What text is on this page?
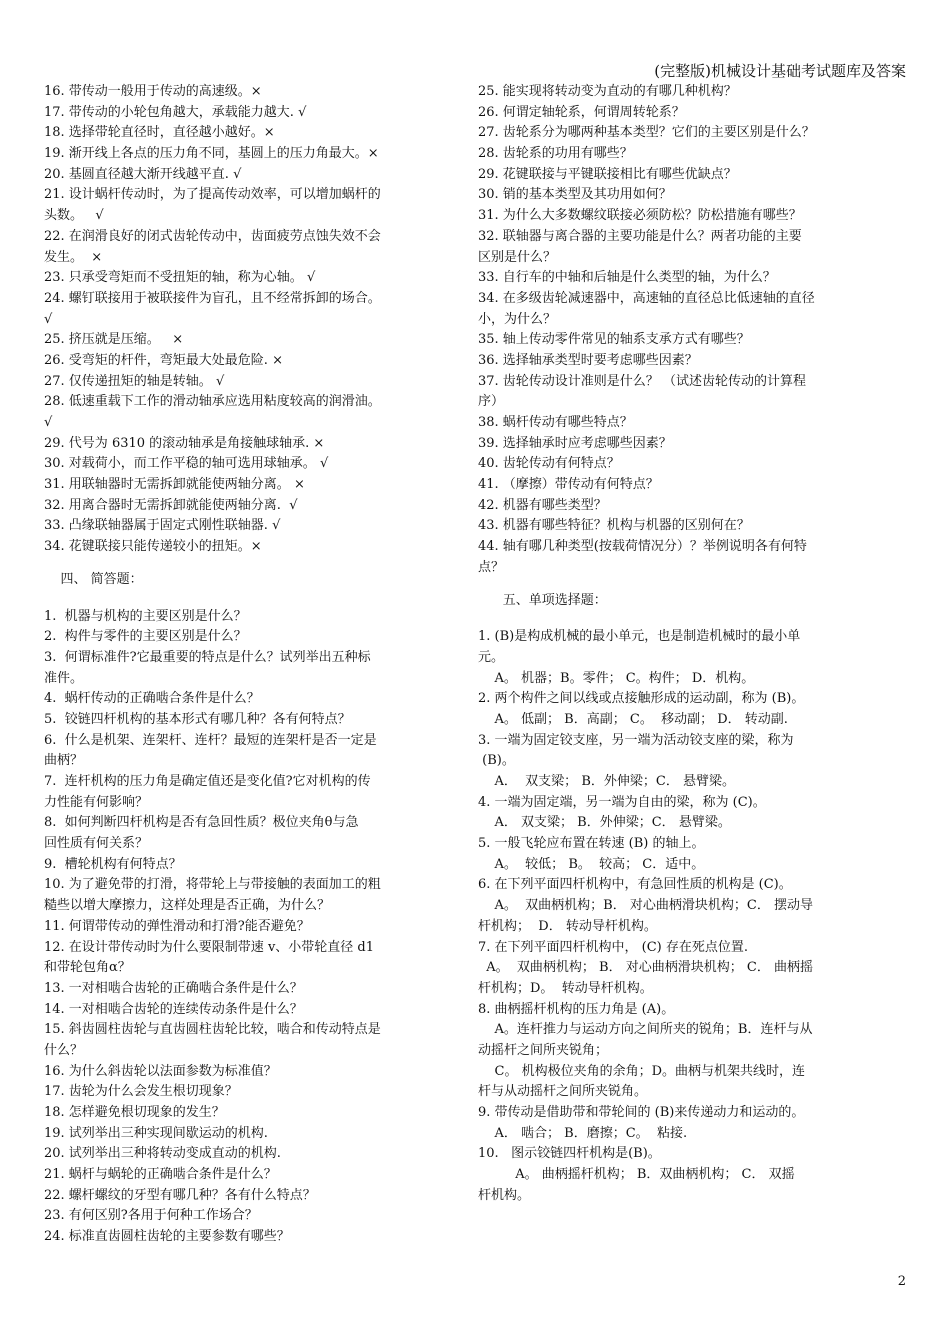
(完整版)机械设计基础考试题库及答案
16. 带传动一般用于传动的高速级。×
17. 带传动的小轮包角越大，承载能力越大. √
18. 选择带轮直径时，直径越小越好。×
19. 渐开线上各点的压力角不同，基圆上的压力角最大。×
20. 基圆直径越大渐开线越平直. √
21. 设计蜗杆传动时，为了提高传动效率，可以增加蜗杆的
头数。   √
22. 在润滑良好的闭式齿轮传动中，齿面疲劳点蚀失效不会
发生。  ×
23. 只承受弯矩而不受扭矩的轴，称为心轴。 √
24. 螺钉联接用于被联接件为盲孔，且不经常拆卸的场合。
√
25. 挤压就是压缩。   ×
26. 受弯矩的杆件，弯矩最大处最危险. ×
27. 仅传递扭矩的轴是转轴。 √
28. 低速重载下工作的滑动轴承应选用粘度较高的润滑油。
√
29. 代号为 6310 的滚动轴承是角接触球轴承. ×
30. 对载荷小，而工作平稳的轴可选用球轴承。 √
31. 用联轴器时无需拆卸就能使两轴分离。 ×
32. 用离合器时无需拆卸就能使两轴分离.  √
33. 凸缘联轴器属于固定式刚性联轴器. √
34. 花键联接只能传递较小的扭矩。×
四、 简答题：
1.  机器与机构的主要区别是什么？
2.  构件与零件的主要区别是什么？
3.  何谓标准件?它最重要的特点是什么？试列举出五种标
准件。
4.  蜗杆传动的正确啮合条件是什么？
5.  铰链四杆机构的基本形式有哪几种？各有何特点？
6.  什么是机架、连架杆、连杆？最短的连架杆是否一定是
曲柄？
7.  连杆机构的压力角是确定值还是变化值?它对机构的传
力性能有何影响？
8.  如何判断四杆机构是否有急回性质？极位夹角θ与急
回性质有何关系？
9.  槽轮机构有何特点？
10. 为了避免带的打滑，将带轮上与带接触的表面加工的粗
糙些以增大摩擦力，这样处理是否正确，为什么？
11. 何谓带传动的弹性滑动和打滑?能否避免？
12. 在设计带传动时为什么要限制带速 v、小带轮直径 d1
和带轮包角α？
13. 一对相啮合齿轮的正确啮合条件是什么？
14. 一对相啮合齿轮的连续传动条件是什么？
15. 斜齿圆柱齿轮与直齿圆柱齿轮比较，啮合和传动特点是
什么？
16. 为什么斜齿轮以法面参数为标准值？
17. 齿轮为什么会发生根切现象？
18. 怎样避免根切现象的发生？
19. 试列举出三种实现间歇运动的机构.
20. 试列举出三种将转动变成直动的机构.
21. 蜗杆与蜗轮的正确啮合条件是什么？
22. 螺杆螺纹的牙型有哪几种？各有什么特点？
23. 有何区别?各用于何种工作场合？
24. 标准直齿圆柱齿轮的主要参数有哪些？
25. 能实现将转动变为直动的有哪几种机构？
26. 何谓定轴轮系，何谓周转轮系？
27. 齿轮系分为哪两种基本类型？它们的主要区别是什么？
28. 齿轮系的功用有哪些？
29. 花键联接与平键联接相比有哪些优缺点？
30. 销的基本类型及其功用如何？
31. 为什么大多数螺纹联接必须防松？防松措施有哪些？
32. 联轴器与离合器的主要功能是什么？两者功能的主要
区别是什么？
33. 自行车的中轴和后轴是什么类型的轴，为什么？
34. 在多级齿轮减速器中，高速轴的直径总比低速轴的直径
小，为什么？
35. 轴上传动零件常见的轴系支承方式有哪些？
36. 选择轴承类型时要考虑哪些因素？
37. 齿轮传动设计准则是什么？ （试述齿轮传动的计算程
序）
38. 蜗杆传动有哪些特点？
39. 选择轴承时应考虑哪些因素？
40. 齿轮传动有何特点？
41. （摩擦）带传动有何特点？
42. 机器有哪些类型？
43. 机器有哪些特征？机构与机器的区别何在？
44. 轴有哪几种类型(按载荷情况分）？举例说明各有何特
点？
五、单项选择题：
1. (B)是构成机械的最小单元，也是制造机械时的最小单
元。
A。 机器；B。零件； C。构件； D．机构。
2. 两个构件之间以线或点接触形成的运动副，称为 (B)。
A。 低副； B．高副； C。  移动副； D． 转动副.
3. 一端为固定铰支座，另一端为活动铰支座的梁，称为
(B)。
A．  双支梁； B．外伸梁；C． 悬臂梁。
4. 一端为固定端，另一端为自由的梁，称为 (C)。
A． 双支梁； B．外伸梁；C． 悬臂梁。
5. 一般飞轮应布置在转速 (B) 的轴上。
A。  较低； B。  较高； C．适中。
6. 在下列平面四杆机构中，有急回性质的机构是 (C)。
A。  双曲柄机构；B． 对心曲柄滑块机构；C． 摆动导
杆机构；  D． 转动导杆机构。
7. 在下列平面四杆机构中， (C) 存在死点位置.
A。  双曲柄机构； B． 对心曲柄滑块机构； C． 曲柄摇
杆机构；D。  转动导杆机构。
8. 曲柄摇杆机构的压力角是 (A)。
A。连杆推力与运动方向之间所夹的锐角；B．连杆与从
动摇杆之间所夹锐角；
C。 机构极位夹角的余角；D。曲柄与机架共线时，连
杆与从动摇杆之间所夹锐角。
9. 带传动是借助带和带轮间的 (B)来传递动力和运动的。
A． 啮合； B．磨擦；C。  粘接.
10.   图示铰链四杆机构是(B)。
A。 曲柄摇杆机构； B．双曲柄机构； C． 双摇
杆机构。
2
